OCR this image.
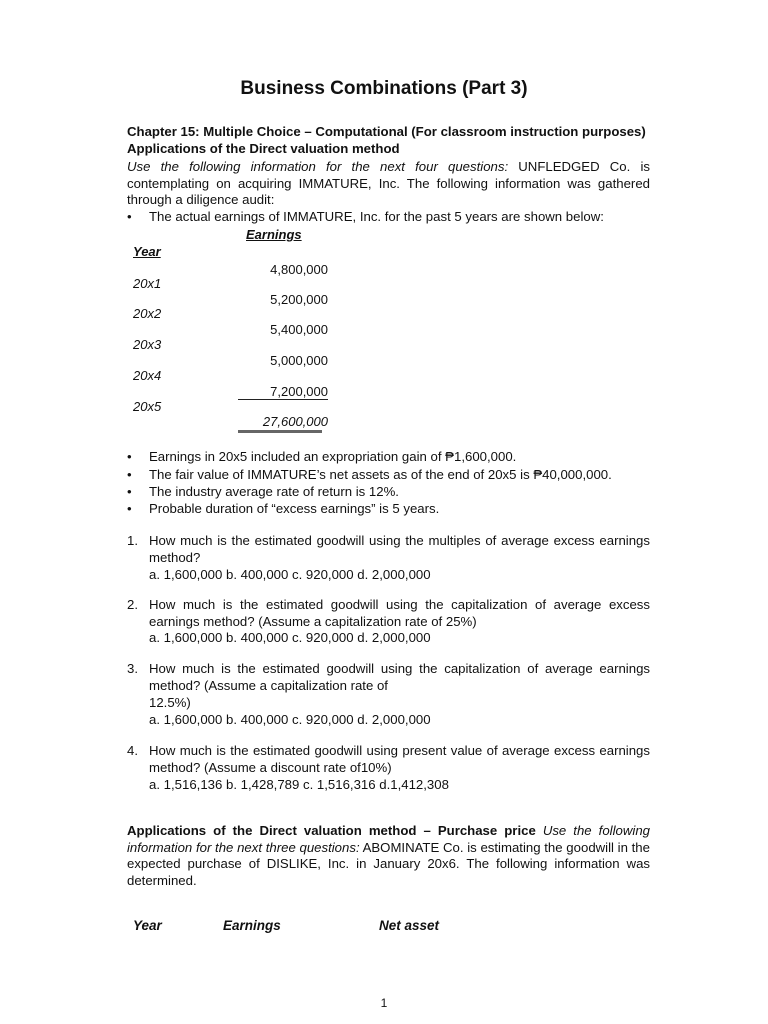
Business Combinations (Part 3)
Chapter 15: Multiple Choice – Computational (For classroom instruction purposes)
Applications of the Direct valuation method
Use the following information for the next four questions: UNFLEDGED Co. is contemplating on acquiring IMMATURE, Inc. The following information was gathered through a diligence audit:
• The actual earnings of IMMATURE, Inc. for the past 5 years are shown below:
Earnings
Year
4,800,000
20x1
5,200,000
20x2
5,400,000
20x3
5,000,000
20x4
7,200,000
20x5
27,600,000
• Earnings in 20x5 included an expropriation gain of ₱1,600,000.
• The fair value of IMMATURE’s net assets as of the end of 20x5 is ₱40,000,000.
• The industry average rate of return is 12%.
• Probable duration of “excess earnings” is 5 years.
1. How much is the estimated goodwill using the multiples of average excess earnings method?
a. 1,600,000 b. 400,000 c. 920,000 d. 2,000,000
2. How much is the estimated goodwill using the capitalization of average excess earnings method? (Assume a capitalization rate of 25%)
a. 1,600,000 b. 400,000 c. 920,000 d. 2,000,000
3. How much is the estimated goodwill using the capitalization of average earnings method? (Assume a capitalization rate of
12.5%)
a. 1,600,000 b. 400,000 c. 920,000 d. 2,000,000
4. How much is the estimated goodwill using present value of average excess earnings method? (Assume a discount rate of10%)
a. 1,516,136 b. 1,428,789 c. 1,516,316 d.1,412,308
Applications of the Direct valuation method – Purchase price Use the following information for the next three questions: ABOMINATE Co. is estimating the goodwill in the expected purchase of DISLIKE, Inc. in January 20x6. The following information was determined.
Year	Earnings	Net asset
1
